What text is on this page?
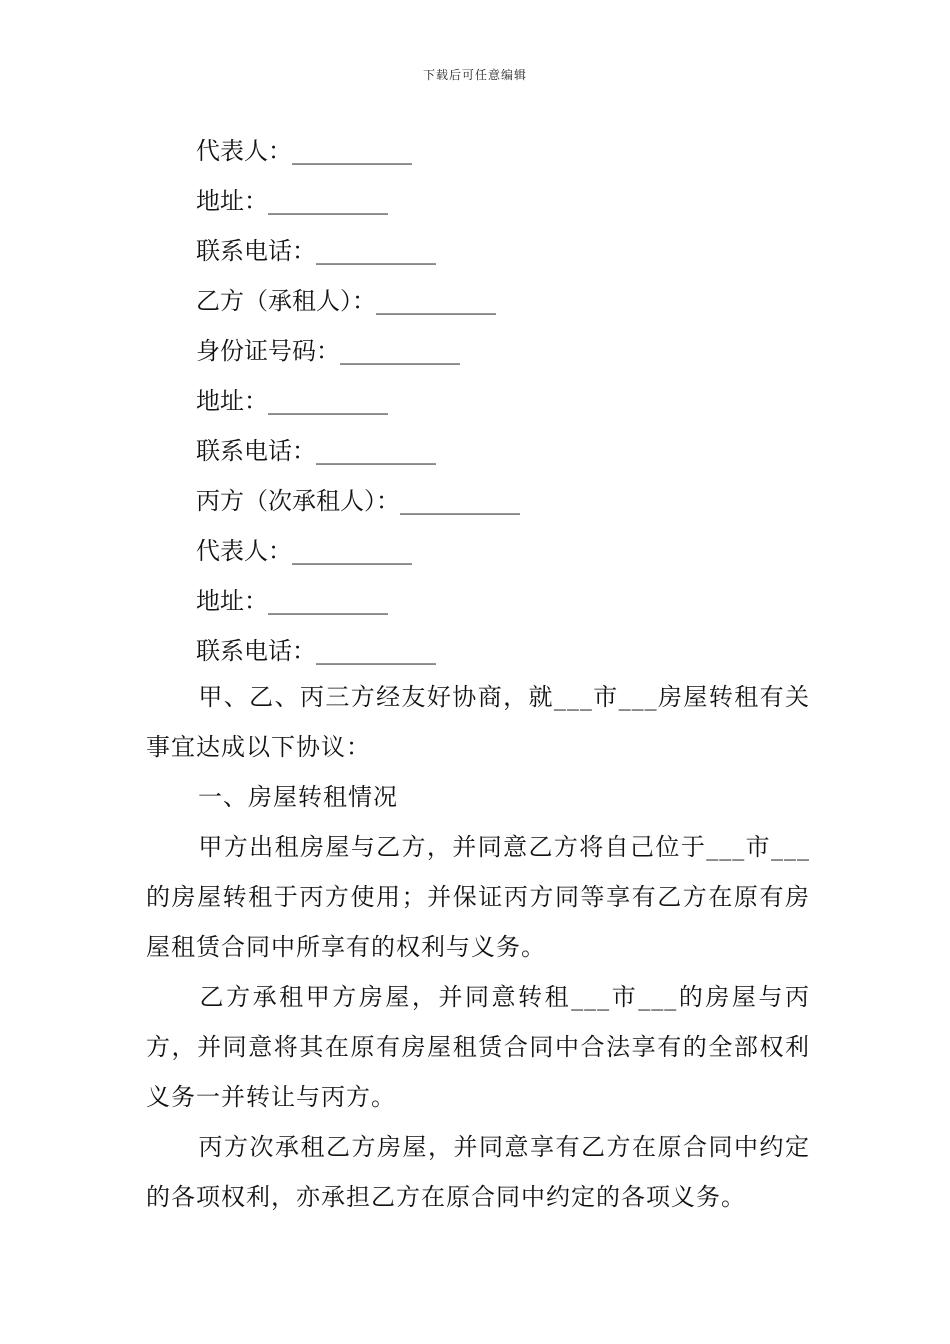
下载后可任意编辑
代表人：__________
地址：__________
联系电话：__________
乙方（承租人）：__________
身份证号码：__________
地址：__________
联系电话：__________
丙方（次承租人）：__________
代表人：__________
地址：__________
联系电话：__________

甲、乙、丙三方经友好协商，就___市___房屋转租有关事宜达成以下协议：

一、房屋转租情况

甲方出租房屋与乙方，并同意乙方将自己位于___市___的房屋转租于丙方使用；并保证丙方同等享有乙方在原有房屋租赁合同中所享有的权利与义务。

乙方承租甲方房屋，并同意转租___市___的房屋与丙方，并同意将其在原有房屋租赁合同中合法享有的全部权利义务一并转让与丙方。

丙方次承租乙方房屋，并同意享有乙方在原合同中约定的各项权利，亦承担乙方在原合同中约定的各项义务。
